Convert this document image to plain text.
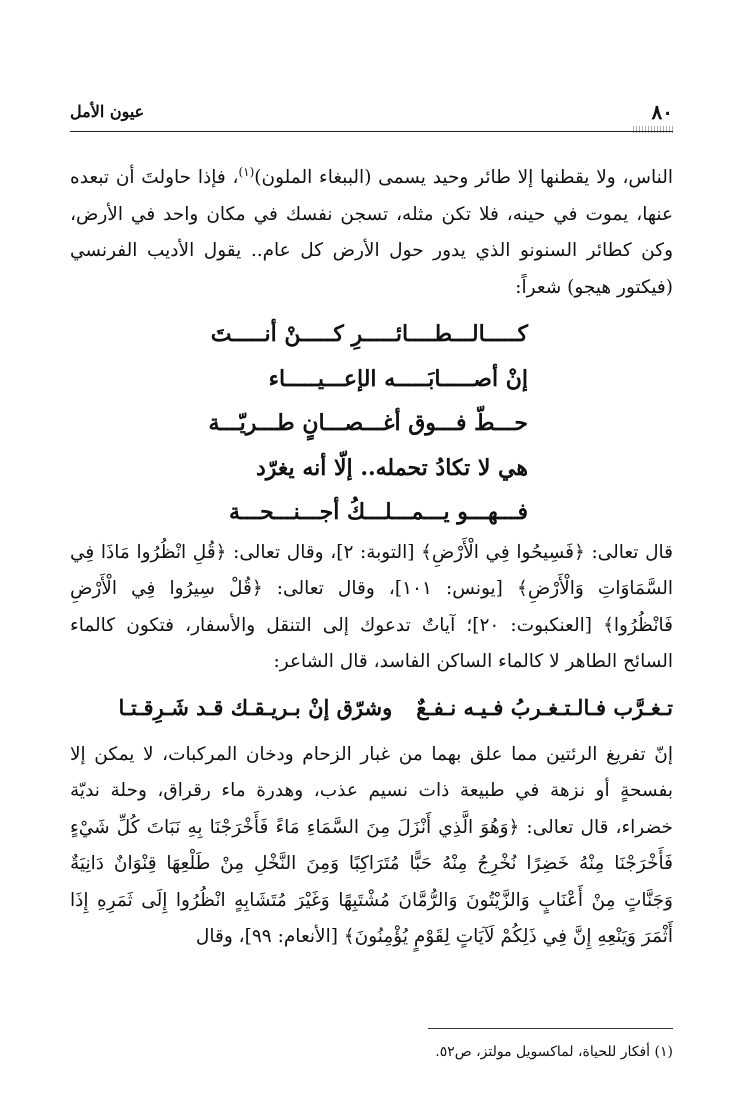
٨٠
عيون الأمل

الناس، ولا يقطنها إلا طائر وحيد يسمى (الببغاء الملون)$^{(١)}$، فإذا حاولتَ أن تبعده عنها، يموت في حينه، فلا تكن مثله، تسجن نفسك في مكان واحد في الأرض، وكن كطائر السنونو الذي يدور حول الأرض كل عام.. يقول الأديب الفرنسي (فيكتور هيجو) شعراً:

كـــــالـــطــــائـــــرِ كـــــنْ أنـــــتَ
إنْ أصـــــابَـــــه الإعـــيـــــاء
حـــطّ فـــوق أغـــصـــانٍ طـــريّـــة
هي لا تكادُ تحمله.. إلّا أنه يغرّد
فـــهـــو يـــمـــلـــكُ أجـــنـــحـــة

قال تعالى: ﴿فَسِيحُوا فِي الْأَرْضِ﴾ [التوبة: ٢]، وقال تعالى: ﴿قُلِ انْظُرُوا مَاذَا فِي السَّمَاوَاتِ وَالْأَرْضِ﴾ [يونس: ١٠١]، وقال تعالى: ﴿قُلْ سِيرُوا فِي الْأَرْضِ فَانْظُرُوا﴾ [العنكبوت: ٢٠]؛ آياتٌ تدعوك إلى التنقل والأسفار، فتكون كالماء السائح الطاهر لا كالماء الساكن الفاسد، قال الشاعر:

تـغـرَّب فـالـتـغـربُ فـيـه نـفـعٌوشرّق إنْ بـريـقـك قـد شَـرِقـتـا

إنّ تفريغ الرئتين مما علق بهما من غبار الزحام ودخان المركبات، لا يمكن إلا بفسحةٍ أو نزهة في طبيعة ذات نسيم عذب، وهدرة ماء رقراق، وحلة نديّة خضراء، قال تعالى: ﴿وَهُوَ الَّذِي أَنْزَلَ مِنَ السَّمَاءِ مَاءً فَأَخْرَجْنَا بِهِ نَبَاتَ كُلِّ شَيْءٍ فَأَخْرَجْنَا مِنْهُ خَضِرًا نُخْرِجُ مِنْهُ حَبًّا مُتَرَاكِبًا وَمِنَ النَّخْلِ مِنْ طَلْعِهَا قِنْوَانٌ دَانِيَةٌ وَجَنَّاتٍ مِنْ أَعْنَابٍ وَالزَّيْتُونَ وَالرُّمَّانَ مُشْتَبِهًا وَغَيْرَ مُتَشَابِهٍ انْظُرُوا إِلَى ثَمَرِهِ إِذَا أَثْمَرَ وَيَنْعِهِ إِنَّ فِي ذَلِكُمْ لَآيَاتٍ لِقَوْمٍ يُؤْمِنُونَ﴾ [الأنعام: ٩٩]، وقال

(١) أفكار للحياة، لماكسويل مولتز، ص٥٢.
